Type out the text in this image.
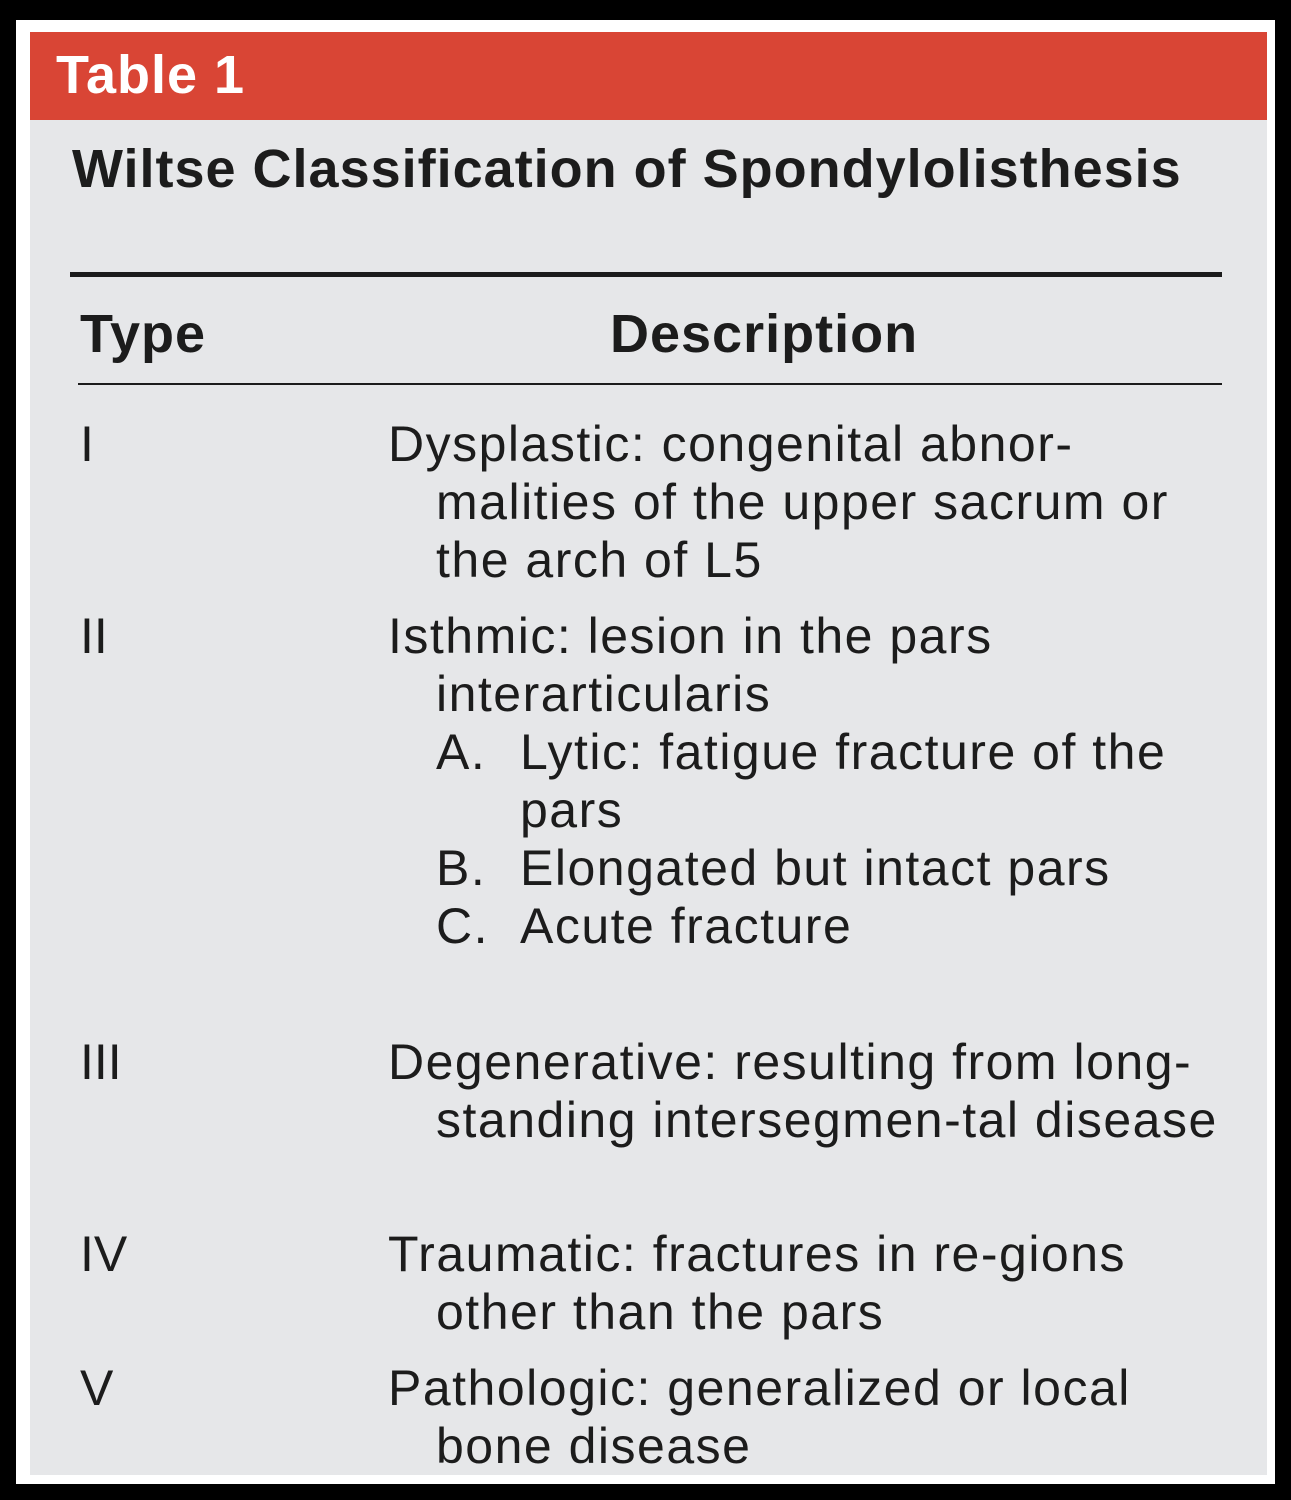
Table 1
Wiltse Classification of Spondylolisthesis
Type	Description
I	Dysplastic: congenital abnor-malities of the upper sacrum or the arch of L5
II	Isthmic: lesion in the pars interarticularis
A. Lytic: fatigue fracture of the pars
B. Elongated but intact pars
C. Acute fracture
III	Degenerative: resulting from long-standing intersegmen-tal disease
IV	Traumatic: fractures in re-gions other than the pars
V	Pathologic: generalized or local bone disease
